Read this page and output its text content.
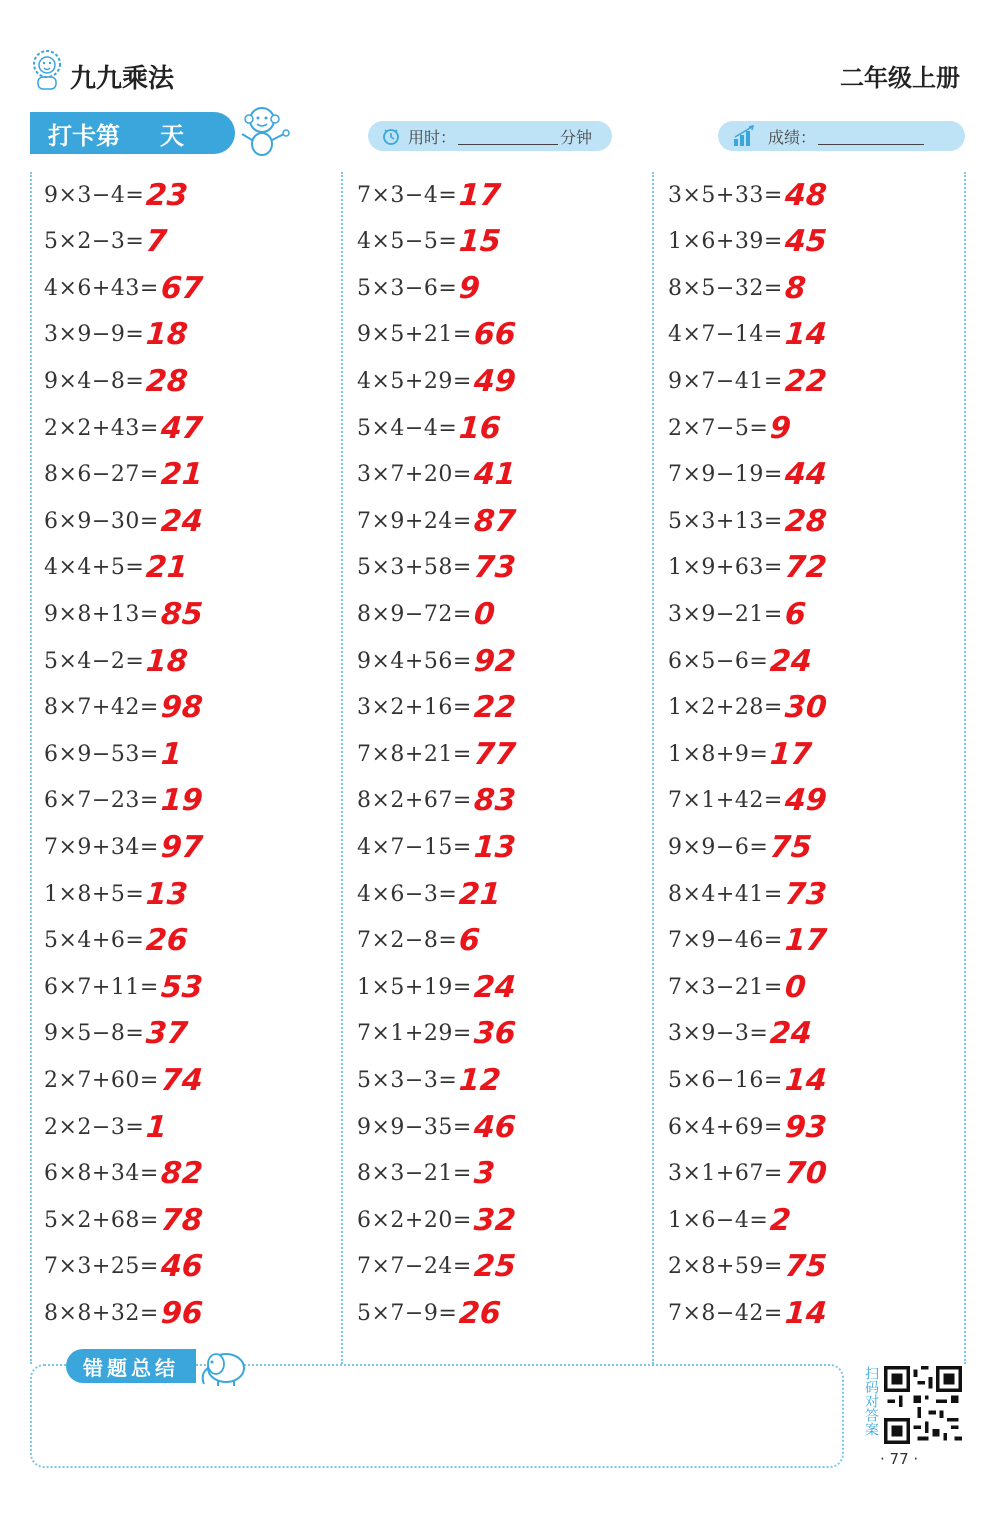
九九乘法	二年级上册
打卡第 天	用时：	分钟	成绩：
9×3−4= 23
5×2−3= 7
4×6+43= 67
3×9−9= 18
9×4−8= 28
2×2+43= 47
8×6−27= 21
6×9−30= 24
4×4+5= 21
9×8+13= 85
5×4−2= 18
8×7+42= 98
6×9−53= 1
6×7−23= 19
7×9+34= 97
1×8+5= 13
5×4+6= 26
6×7+11= 53
9×5−8= 37
2×7+60= 74
2×2−3= 1
6×8+34= 82
5×2+68= 78
7×3+25= 46
8×8+32= 96
7×3−4= 17
4×5−5= 15
5×3−6= 9
9×5+21= 66
4×5+29= 49
5×4−4= 16
3×7+20= 41
7×9+24= 87
5×3+58= 73
8×9−72= 0
9×4+56= 92
3×2+16= 22
7×8+21= 77
8×2+67= 83
4×7−15= 13
4×6−3= 21
7×2−8= 6
1×5+19= 24
7×1+29= 36
5×3−3= 12
9×9−35= 46
8×3−21= 3
6×2+20= 32
7×7−24= 25
5×7−9= 26
3×5+33= 48
1×6+39= 45
8×5−32= 8
4×7−14= 14
9×7−41= 22
2×7−5= 9
7×9−19= 44
5×3+13= 28
1×9+63= 72
3×9−21= 6
6×5−6= 24
1×2+28= 30
1×8+9= 17
7×1+42= 49
9×9−6= 75
8×4+41= 73
7×9−46= 17
7×3−21= 0
3×9−3= 24
5×6−16= 14
6×4+69= 93
3×1+67= 70
1×6−4= 2
2×8+59= 75
7×8−42= 14
错题总结	扫码对答案
· 77 ·
